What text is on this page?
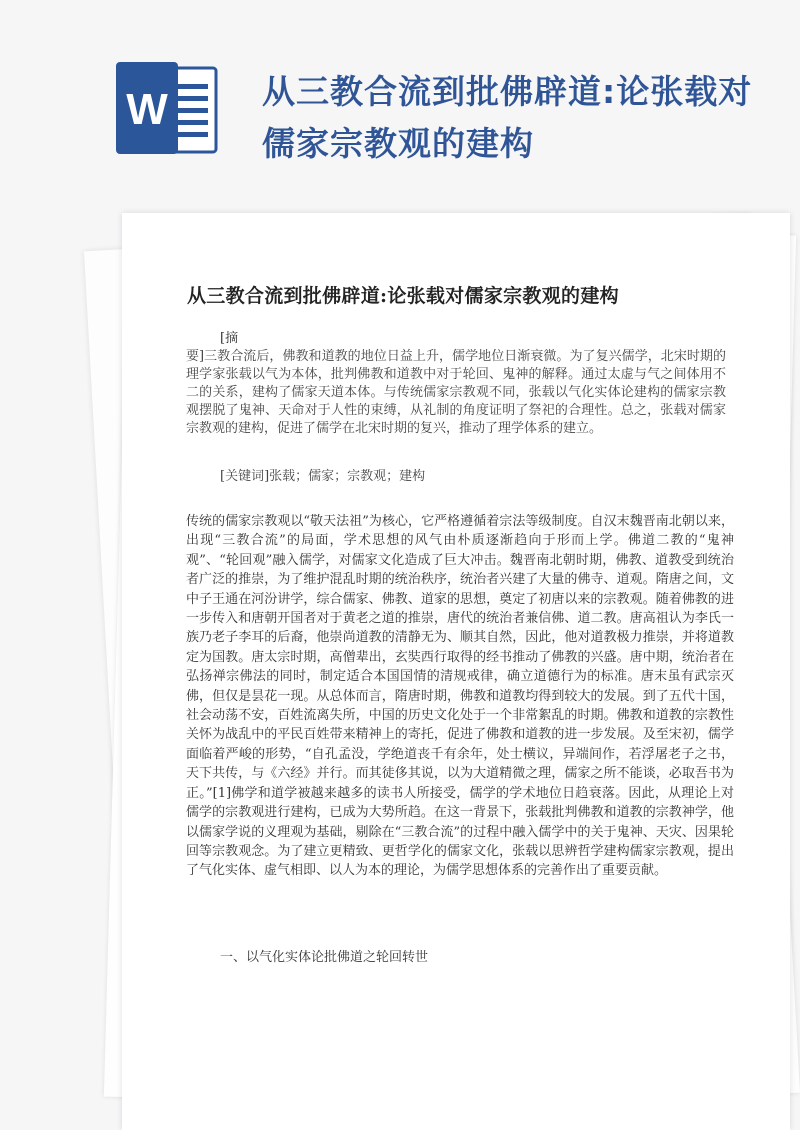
W	从三教合流到批佛辟道:论张载对儒家宗教观的建构
从三教合流到批佛辟道:论张载对儒家宗教观的建构
[摘
要]三教合流后，佛教和道教的地位日益上升，儒学地位日渐衰微。为了复兴儒学，北宋时期的理学家张载以气为本体，批判佛教和道教中对于轮回、鬼神的解释。通过太虚与气之间体用不二的关系，建构了儒家天道本体。与传统儒家宗教观不同，张载以气化实体论建构的儒家宗教观摆脱了鬼神、天命对于人性的束缚，从礼制的角度证明了祭祀的合理性。总之，张载对儒家宗教观的建构，促进了儒学在北宋时期的复兴，推动了理学体系的建立。
[关键词]张载；儒家；宗教观；建构
传统的儒家宗教观以“敬天法祖”为核心，它严格遵循着宗法等级制度。自汉末魏晋南北朝以来，出现“三教合流”的局面，学术思想的风气由朴质逐渐趋向于形而上学。佛道二教的“鬼神观”、“轮回观”融入儒学，对儒家文化造成了巨大冲击。魏晋南北朝时期，佛教、道教受到统治者广泛的推崇，为了维护混乱时期的统治秩序，统治者兴建了大量的佛寺、道观。隋唐之间，文中子王通在河汾讲学，综合儒家、佛教、道家的思想，奠定了初唐以来的宗教观。随着佛教的进一步传入和唐朝开国者对于黄老之道的推崇，唐代的统治者兼信佛、道二教。唐高祖认为李氏一族乃老子李耳的后裔，他崇尚道教的清静无为、顺其自然，因此，他对道教极力推崇，并将道教定为国教。唐太宗时期，高僧辈出，玄奘西行取得的经书推动了佛教的兴盛。唐中期，统治者在弘扬禅宗佛法的同时，制定适合本国国情的清规戒律，确立道德行为的标准。唐末虽有武宗灭佛，但仅是昙花一现。从总体而言，隋唐时期，佛教和道教均得到较大的发展。到了五代十国，社会动荡不安，百姓流离失所，中国的历史文化处于一个非常絮乱的时期。佛教和道教的宗教性关怀为战乱中的平民百姓带来精神上的寄托，促进了佛教和道教的进一步发展。及至宋初，儒学面临着严峻的形势，“自孔孟没，学绝道丧千有余年，处士横议，异端间作，若浮屠老子之书，天下共传，与《六经》并行。而其徒侈其说，以为大道精微之理，儒家之所不能谈，必取吾书为正。”[1]佛学和道学被越来越多的读书人所接受，儒学的学术地位日趋衰落。因此，从理论上对儒学的宗教观进行建构，已成为大势所趋。在这一背景下，张载批判佛教和道教的宗教神学，他以儒家学说的义理观为基础，剔除在“三教合流”的过程中融入儒学中的关于鬼神、天灾、因果轮回等宗教观念。为了建立更精致、更哲学化的儒家文化，张载以思辨哲学建构儒家宗教观，提出了气化实体、虚气相即、以人为本的理论，为儒学思想体系的完善作出了重要贡献。
一、以气化实体论批佛道之轮回转世
